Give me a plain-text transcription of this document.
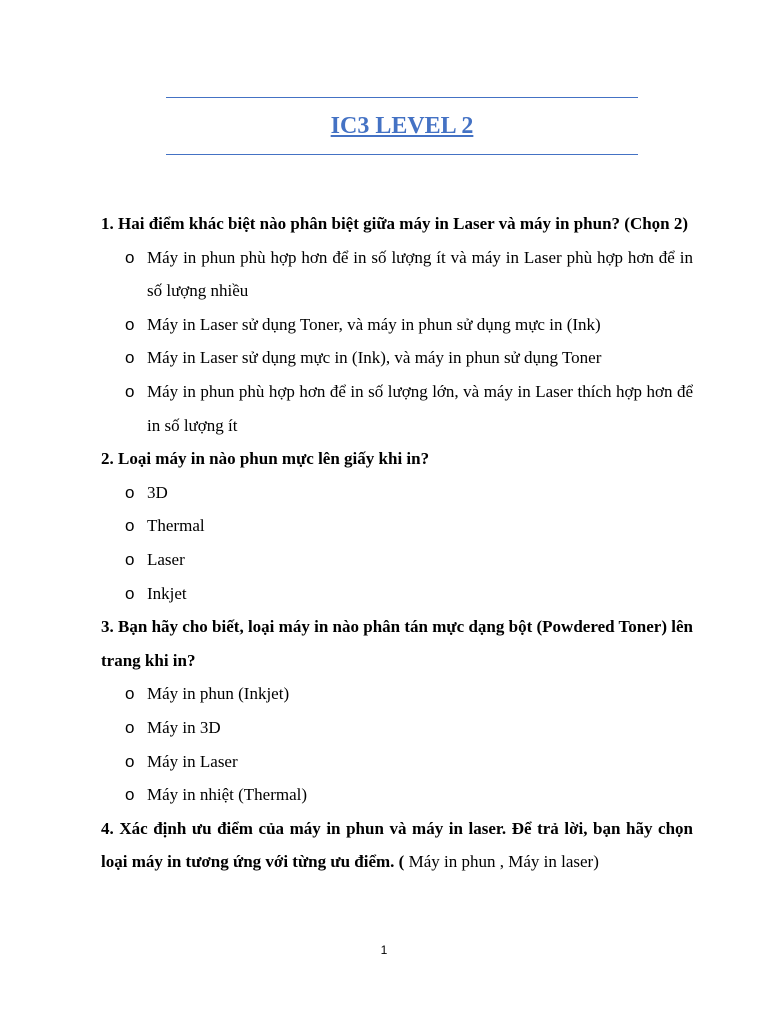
IC3 LEVEL 2

1. Hai điểm khác biệt nào phân biệt giữa máy in Laser và máy in phun? (Chọn 2)

o Máy in phun phù hợp hơn để in số lượng ít và máy in Laser phù hợp hơn để in số lượng nhiều
o Máy in Laser sử dụng Toner, và máy in phun sử dụng mực in (Ink)
o Máy in Laser sử dụng mực in (Ink), và máy in phun sử dụng Toner
o Máy in phun phù hợp hơn để in số lượng lớn, và máy in Laser thích hợp hơn để in số lượng ít

2. Loại máy in nào phun mực lên giấy khi in?

o 3D
o Thermal
o Laser
o Inkjet

3. Bạn hãy cho biết, loại máy in nào phân tán mực dạng bột (Powdered Toner) lên trang khi in?

o Máy in phun (Inkjet)
o Máy in 3D
o Máy in Laser
o Máy in nhiệt (Thermal)

4. Xác định ưu điểm của máy in phun và máy in laser. Để trả lời, bạn hãy chọn loại máy in tương ứng với từng ưu điểm. ( Máy in phun , Máy in laser)

1
